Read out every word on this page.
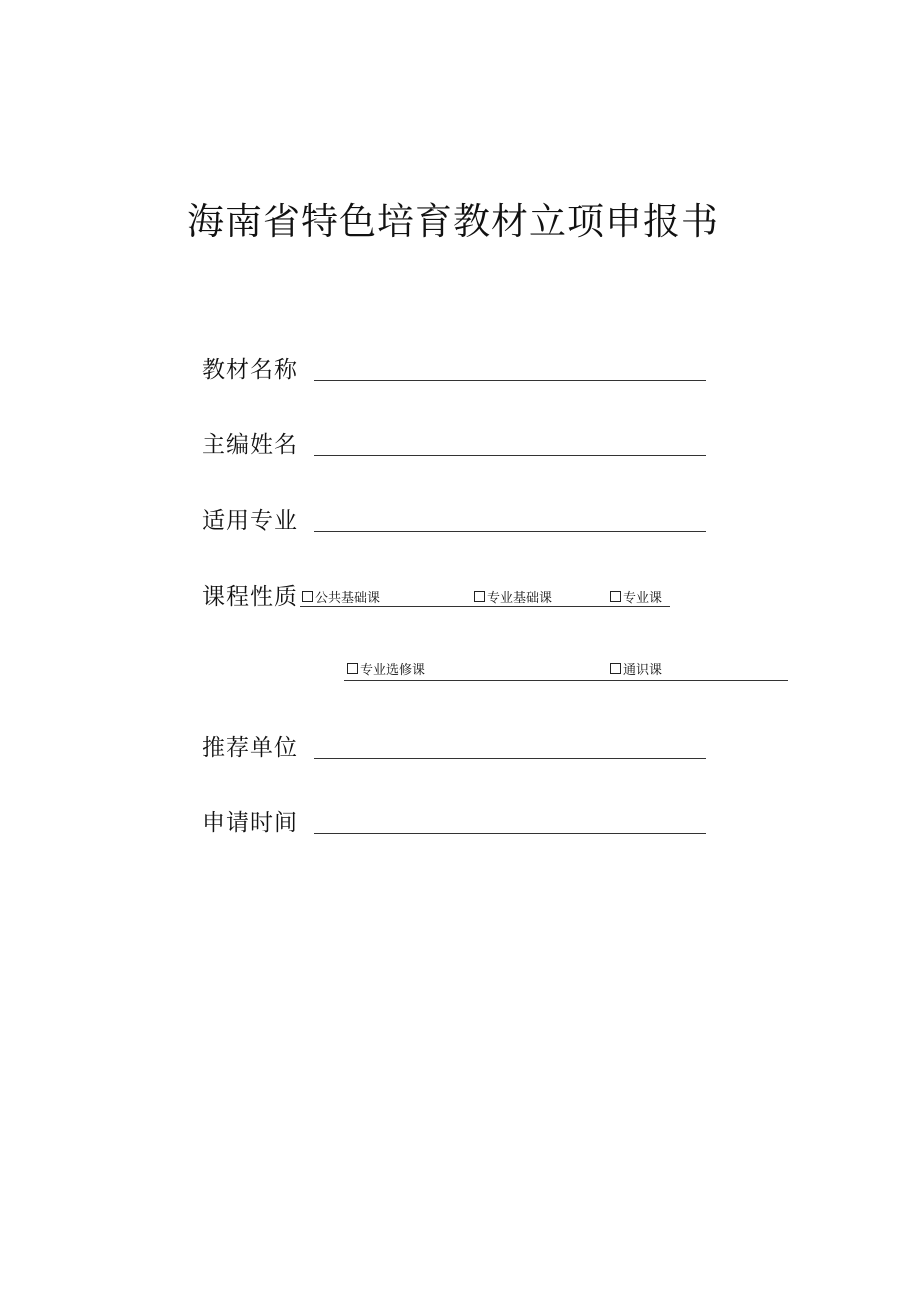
海南省特色培育教材立项申报书
教材名称
主编姓名
适用专业
课程性质	公共基础课	专业基础课	专业课
专业选修课	通识课
推荐单位
申请时间
